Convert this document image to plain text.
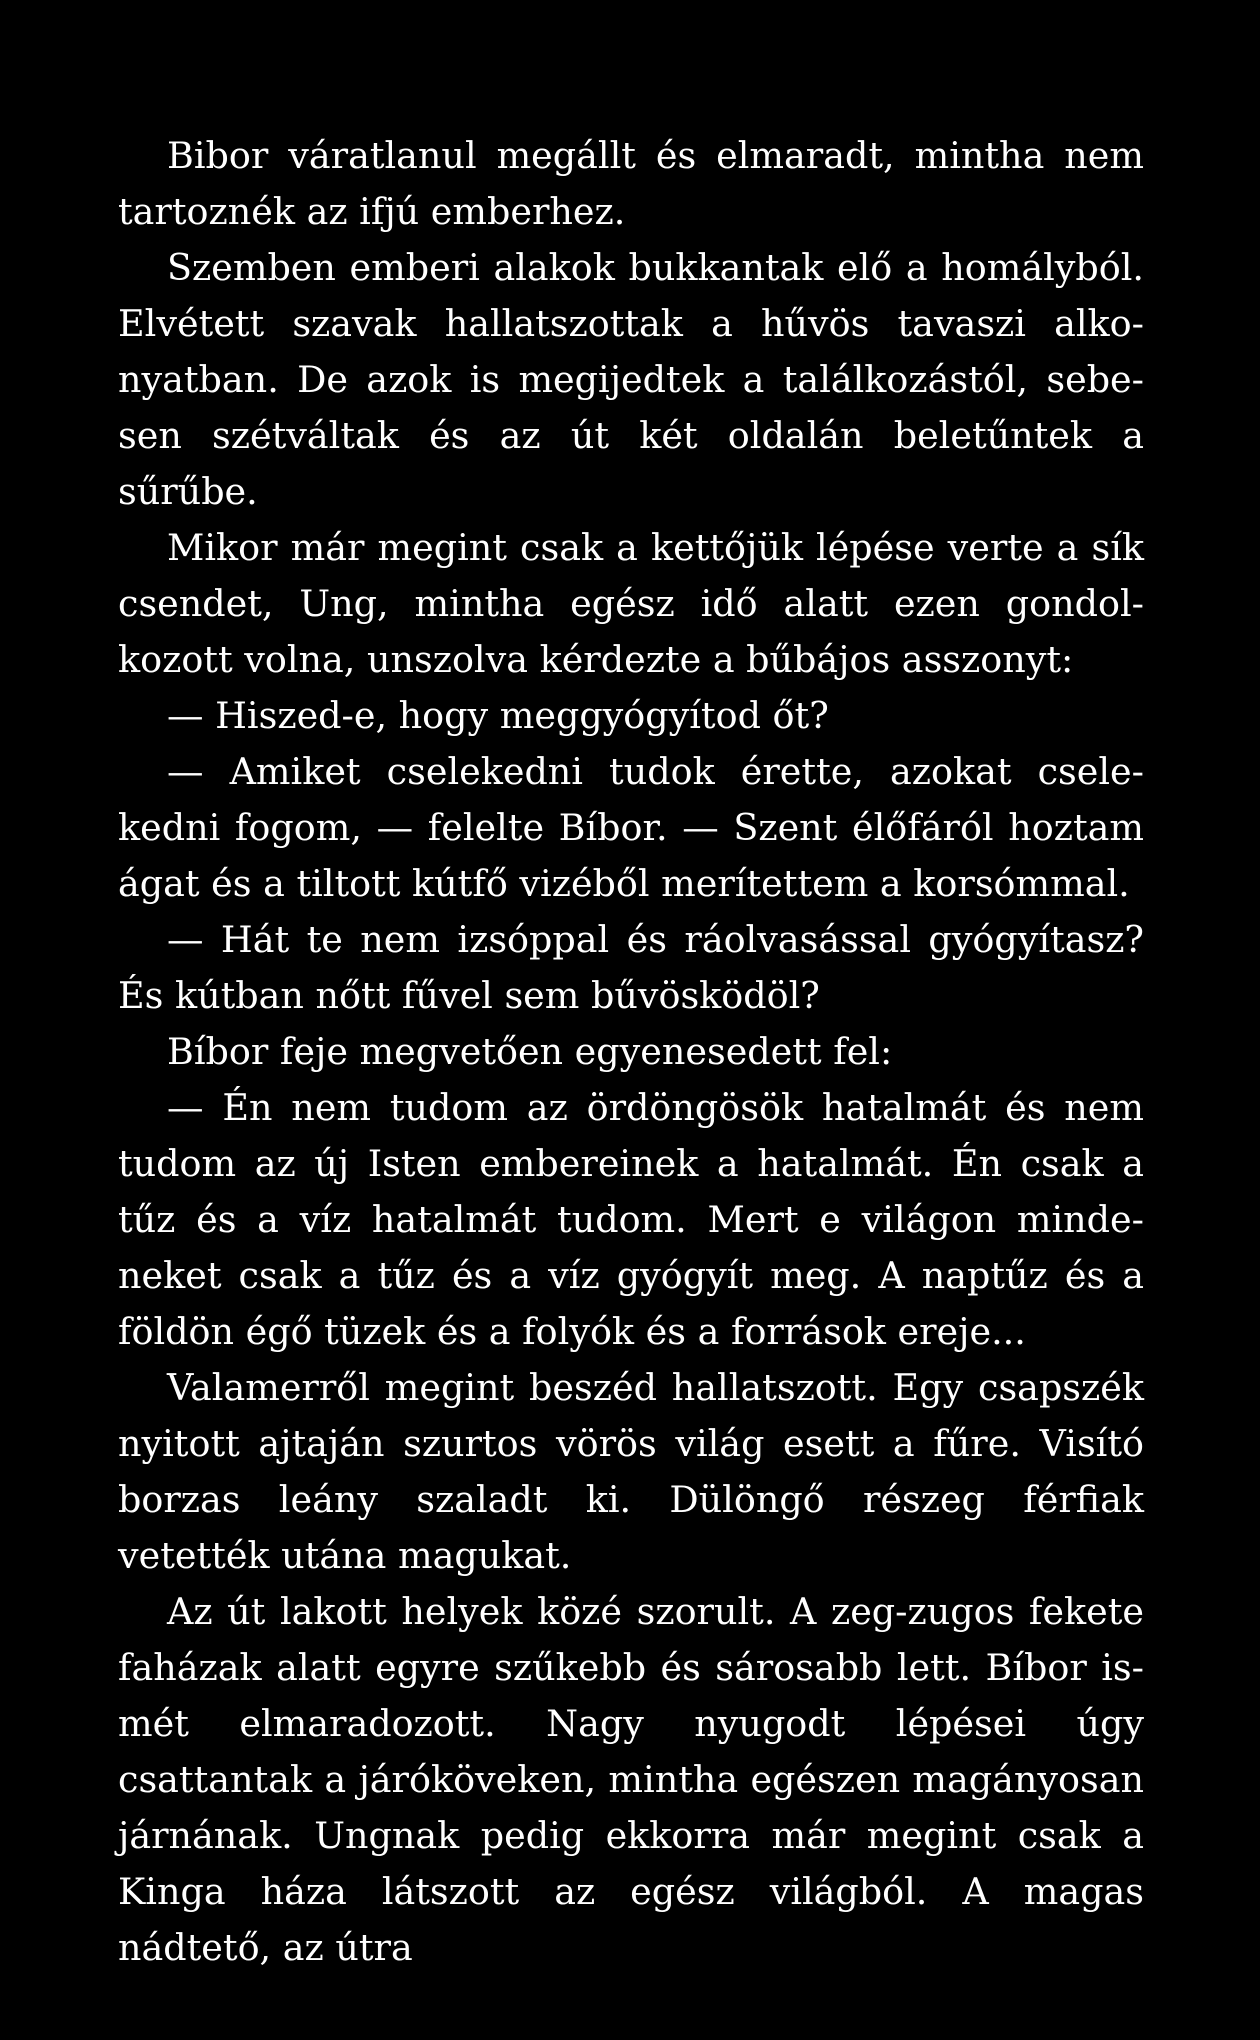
Bibor váratlanul megállt és elmaradt, mintha nem tartoznék az ifjú emberhez.

Szemben emberi alakok bukkantak elő a homályból. Elvétett szavak hallatszottak a hűvös tavaszi alkonyatban. De azok is megijedtek a találkozástól, sebesen szétváltak és az út két oldalán beletűntek a sűrűbe.

Mikor már megint csak a kettőjük lépése verte a sík csendet, Ung, mintha egész idő alatt ezen gondolkozott volna, unszolva kérdezte a bűbájos asszonyt:

— Hiszed-e, hogy meggyógyítod őt?

— Amiket cselekedni tudok érette, azokat cselekedni fogom, — felelte Bíbor. — Szent élőfáról hoztam ágat és a tiltott kútfő vizéből merítettem a korsómmal.

— Hát te nem izsóppal és ráolvasással gyógyítasz? És kútban nőtt fűvel sem bűvösködöl?

Bíbor feje megvetően egyenesedett fel:

— Én nem tudom az ördöngösök hatalmát és nem tudom az új Isten embereinek a hatalmát. Én csak a tűz és a víz hatalmát tudom. Mert e világon mindeneket csak a tűz és a víz gyógyít meg. A naptűz és a földön égő tüzek és a folyók és a források ereje...

Valamerről megint beszéd hallatszott. Egy csapszék nyitott ajtaján szurtos vörös világ esett a fűre. Visító borzas leány szaladt ki. Dülöngő részeg férfiak vetették utána magukat.

Az út lakott helyek közé szorult. A zeg-zugos fekete faházak alatt egyre szűkebb és sárosabb lett. Bíbor ismét elmaradozott. Nagy nyugodt lépései úgy csattantak a járóköveken, mintha egészen magányosan járnának. Ungnak pedig ekkorra már megint csak a Kinga háza látszott az egész világból. A magas nádtető, az útra
